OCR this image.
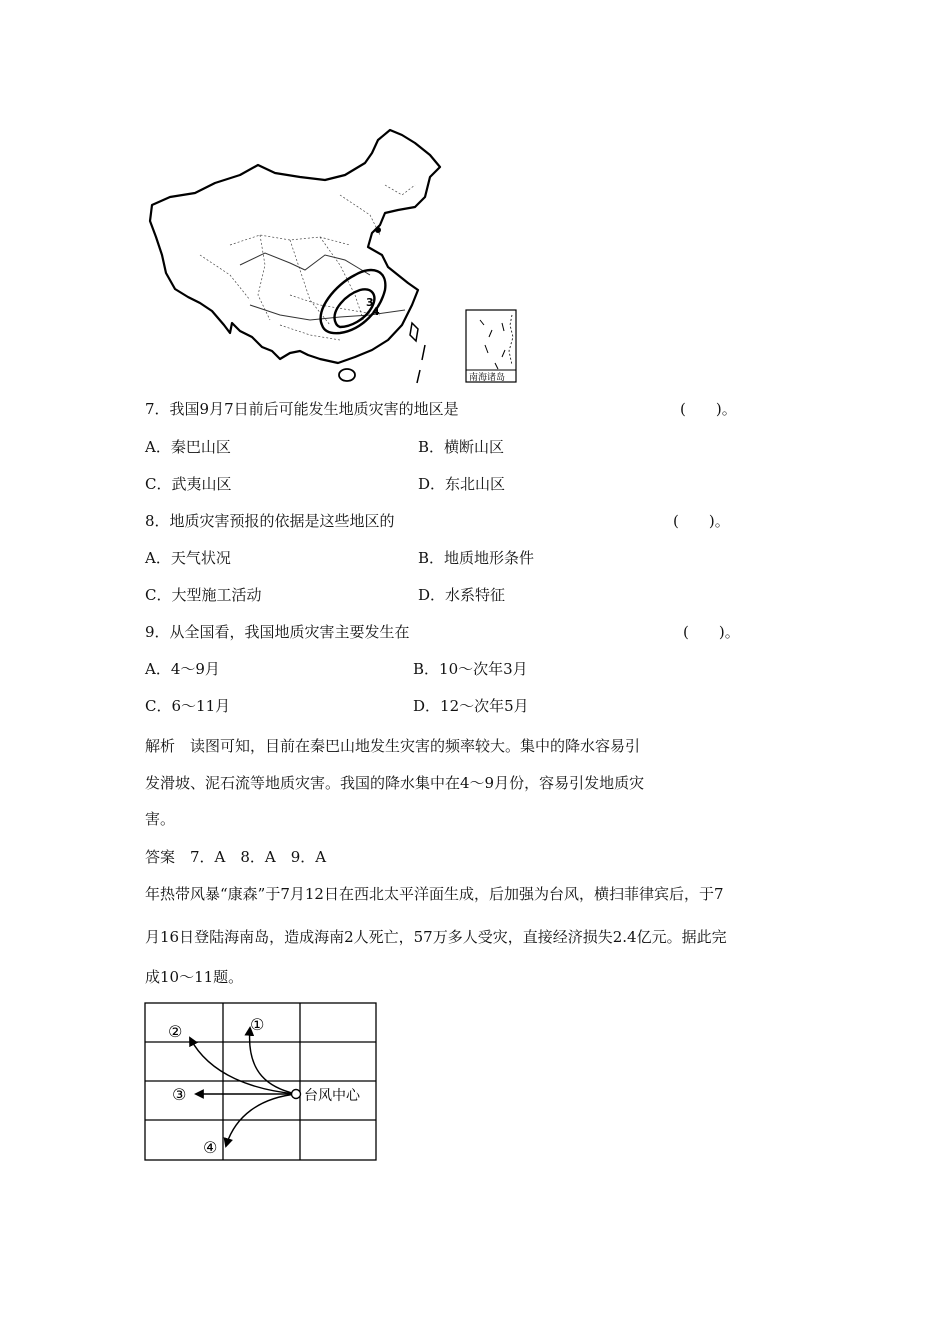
3
4
南海诸岛
7．我国9月7日前后可能发生地质灾害的地区是	(　　)。
A．秦巴山区	B．横断山区
C．武夷山区	D．东北山区
8．地质灾害预报的依据是这些地区的	(　　)。
A．天气状况	B．地质地形条件
C．大型施工活动	D．水系特征
9．从全国看，我国地质灾害主要发生在	(　　)。
A．4～9月	B．10～次年3月
C．6～11月	D．12～次年5月
解析　读图可知，目前在秦巴山地发生灾害的频率较大。集中的降水容易引
发滑坡、泥石流等地质灾害。我国的降水集中在4～9月份，容易引发地质灾
害。
答案　7．A　8．A　9．A
年热带风暴“康森”于7月12日在西北太平洋面生成，后加强为台风，横扫菲律宾后，于7
月16日登陆海南岛，造成海南2人死亡，57万多人受灾，直接经济损失2.4亿元。据此完
成10～11题。
①
②
③
④
台风中心
